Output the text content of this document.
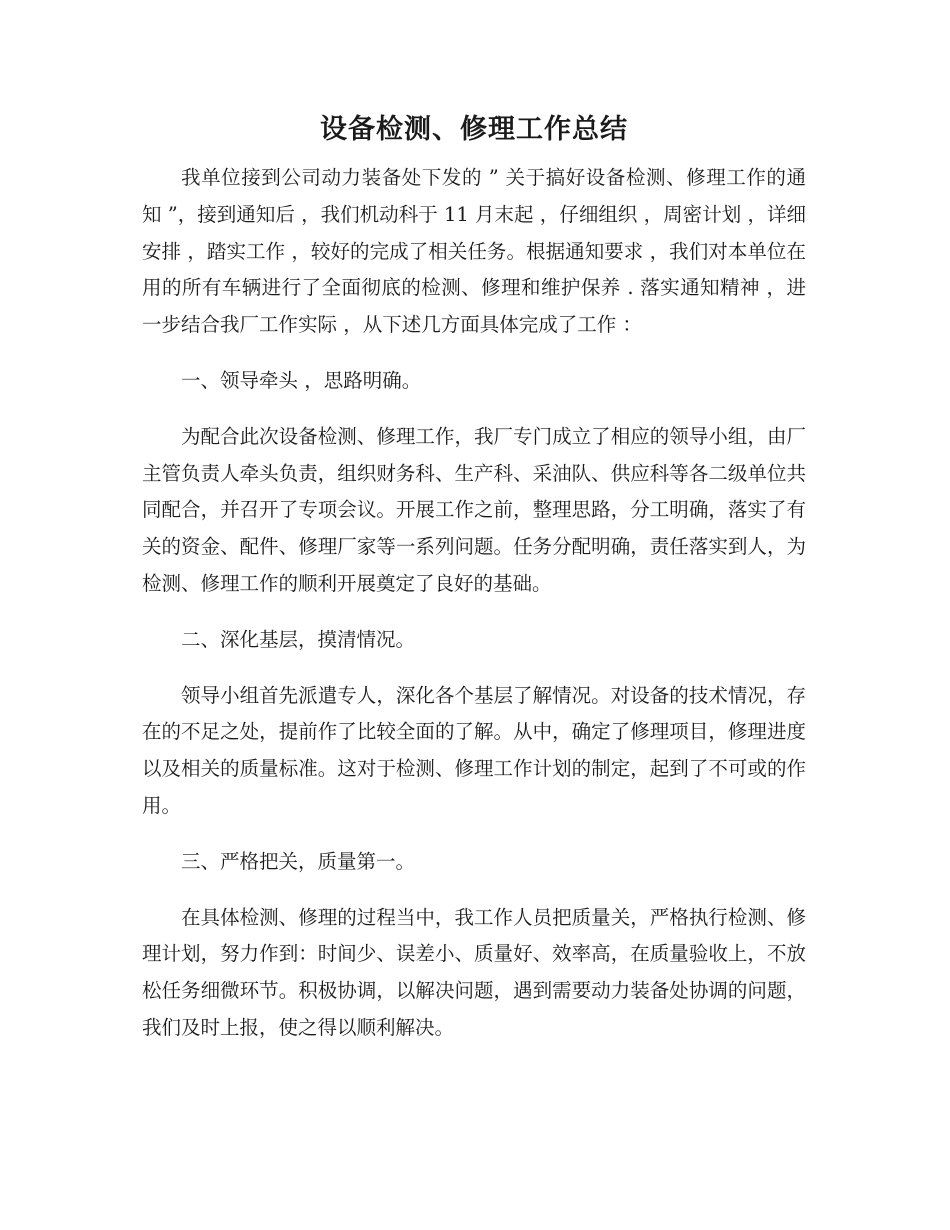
设备检测、修理工作总结

我单位接到公司动力装备处下发的 ” 关于搞好设备检测、修理工作的通知 ”，接到通知后 ，我们机动科于 11 月末起 ，仔细组织 ，周密计划 ，详细安排 ，踏实工作 ，较好的完成了相关任务。根据通知要求 ，我们对本单位在用的所有车辆进行了全面彻底的检测、修理和维护保养 . 落实通知精神 ，进一步结合我厂工作实际 ，从下述几方面具体完成了工作 ：

一、领导牵头 ，思路明确。

为配合此次设备检测、修理工作，我厂专门成立了相应的领导小组，由厂主管负责人牵头负责，组织财务科、生产科、采油队、供应科等各二级单位共同配合，并召开了专项会议。开展工作之前，整理思路，分工明确，落实了有关的资金、配件、修理厂家等一系列问题。任务分配明确，责任落实到人，为检测、修理工作的顺利开展奠定了良好的基础。

二、深化基层，摸清情况。

领导小组首先派遣专人，深化各个基层了解情况。对设备的技术情况，存在的不足之处，提前作了比较全面的了解。从中，确定了修理项目，修理进度以及相关的质量标准。这对于检测、修理工作计划的制定，起到了不可或的作用。

三、严格把关，质量第一。

在具体检测、修理的过程当中，我工作人员把质量关，严格执行检测、修理计划，努力作到：时间少、误差小、质量好、效率高，在质量验收上，不放松任务细微环节。积极协调，以解决问题，遇到需要动力装备处协调的问题，我们及时上报，使之得以顺利解决。
